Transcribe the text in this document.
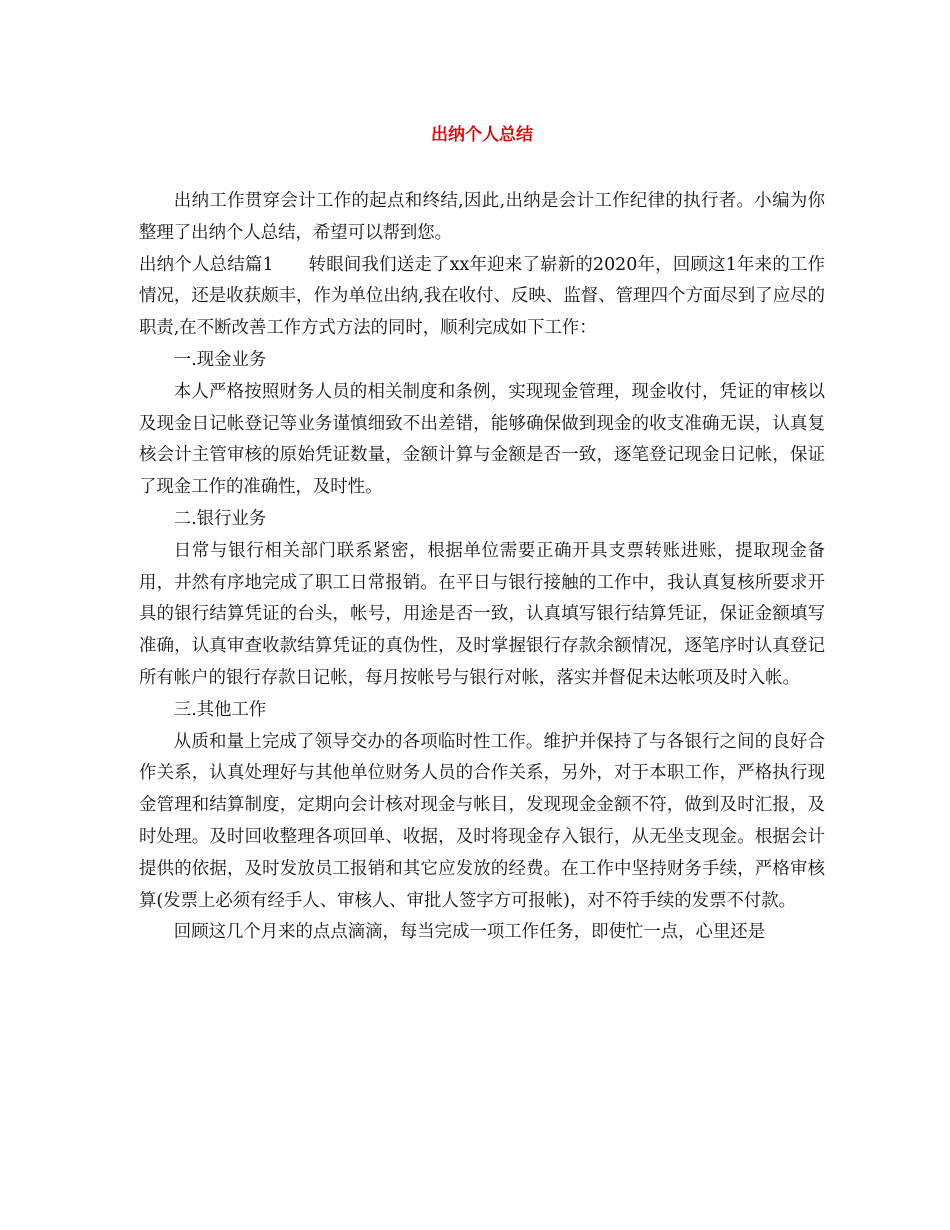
出纳个人总结

出纳工作贯穿会计工作的起点和终结,因此,出纳是会计工作纪律的执行者。小编为你整理了出纳个人总结，希望可以帮到您。

出纳个人总结篇1 转眼间我们送走了xx年迎来了崭新的2020年，回顾这1年来的工作情况，还是收获颇丰，作为单位出纳,我在收付、反映、监督、管理四个方面尽到了应尽的职责,在不断改善工作方式方法的同时，顺利完成如下工作：

一.现金业务

本人严格按照财务人员的相关制度和条例，实现现金管理，现金收付，凭证的审核以及现金日记帐登记等业务谨慎细致不出差错，能够确保做到现金的收支准确无误，认真复核会计主管审核的原始凭证数量，金额计算与金额是否一致，逐笔登记现金日记帐，保证了现金工作的准确性，及时性。

二.银行业务

日常与银行相关部门联系紧密，根据单位需要正确开具支票转账进账，提取现金备用，井然有序地完成了职工日常报销。在平日与银行接触的工作中，我认真复核所要求开具的银行结算凭证的台头，帐号，用途是否一致，认真填写银行结算凭证，保证金额填写准确，认真审查收款结算凭证的真伪性，及时掌握银行存款余额情况，逐笔序时认真登记所有帐户的银行存款日记帐，每月按帐号与银行对帐，落实并督促未达帐项及时入帐。

三.其他工作

从质和量上完成了领导交办的各项临时性工作。维护并保持了与各银行之间的良好合作关系，认真处理好与其他单位财务人员的合作关系，另外，对于本职工作，严格执行现金管理和结算制度，定期向会计核对现金与帐目，发现现金金额不符，做到及时汇报，及时处理。及时回收整理各项回单、收据，及时将现金存入银行，从无坐支现金。根据会计提供的依据，及时发放员工报销和其它应发放的经费。在工作中坚持财务手续，严格审核算(发票上必须有经手人、审核人、审批人签字方可报帐)，对不符手续的发票不付款。

回顾这几个月来的点点滴滴，每当完成一项工作任务，即使忙一点，心里还是
